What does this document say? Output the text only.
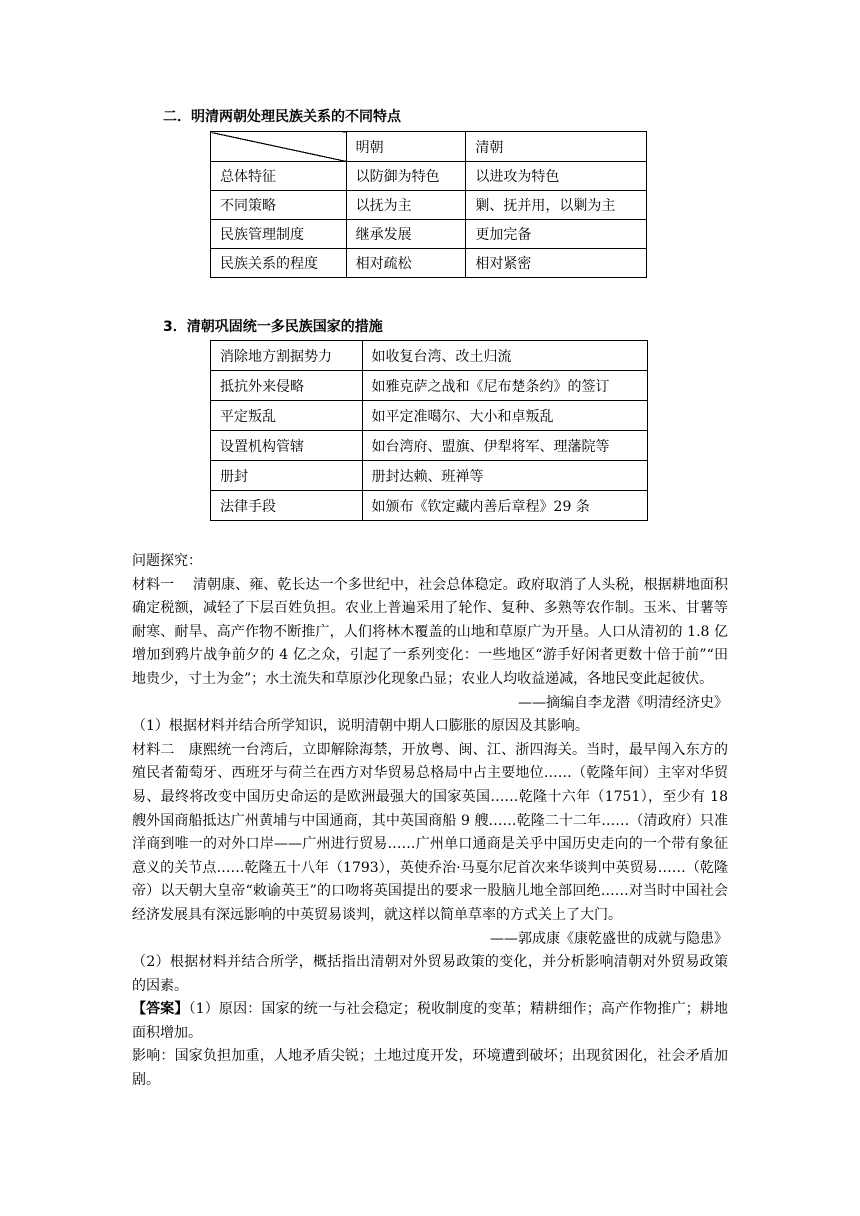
二．明清两朝处理民族关系的不同特点
	明朝	清朝
总体特征	以防御为特色	以进攻为特色
不同策略	以抚为主	剿、抚并用，以剿为主
民族管理制度	继承发展	更加完备
民族关系的程度	相对疏松	相对紧密
3．清朝巩固统一多民族国家的措施
消除地方割据势力	如收复台湾、改土归流
抵抗外来侵略	如雅克萨之战和《尼布楚条约》的签订
平定叛乱	如平定准噶尔、大小和卓叛乱
设置机构管辖	如台湾府、盟旗、伊犁将军、理藩院等
册封	册封达赖、班禅等
法律手段	如颁布《钦定藏内善后章程》29 条

问题探究：

材料一　 清朝康、雍、乾长达一个多世纪中，社会总体稳定。政府取消了人头税，根据耕地面积确定税额，减轻了下层百姓负担。农业上普遍采用了轮作、复种、多熟等农作制。玉米、甘薯等耐寒、耐旱、高产作物不断推广，人们将林木覆盖的山地和草原广为开垦。人口从清初的 1.8 亿增加到鸦片战争前夕的 4 亿之众，引起了一系列变化：一些地区“游手好闲者更数十倍于前”“田地贵少，寸土为金”；水土流失和草原沙化现象凸显；农业人均收益递减，各地民变此起彼伏。

——摘编自李龙潜《明清经济史》

（1）根据材料并结合所学知识，说明清朝中期人口膨胀的原因及其影响。

材料二　康熙统一台湾后，立即解除海禁，开放粤、闽、江、浙四海关。当时，最早闯入东方的殖民者葡萄牙、西班牙与荷兰在西方对华贸易总格局中占主要地位……（乾隆年间）主宰对华贸易、最终将改变中国历史命运的是欧洲最强大的国家英国……乾隆十六年（1751），至少有 18 艘外国商船抵达广州黄埔与中国通商，其中英国商船 9 艘……乾隆二十二年……（清政府）只准洋商到唯一的对外口岸——广州进行贸易……广州单口通商是关乎中国历史走向的一个带有象征意义的关节点……乾隆五十八年（1793），英使乔治·马戛尔尼首次来华谈判中英贸易……（乾隆帝）以天朝大皇帝“敕谕英王”的口吻将英国提出的要求一股脑儿地全部回绝……对当时中国社会经济发展具有深远影响的中英贸易谈判，就这样以简单草率的方式关上了大门。

——郭成康《康乾盛世的成就与隐患》

（2）根据材料并结合所学，概括指出清朝对外贸易政策的变化，并分析影响清朝对外贸易政策的因素。

【答案】（1）原因：国家的统一与社会稳定；税收制度的变革；精耕细作；高产作物推广；耕地面积增加。

影响：国家负担加重，人地矛盾尖锐；土地过度开发，环境遭到破坏；出现贫困化，社会矛盾加剧。
